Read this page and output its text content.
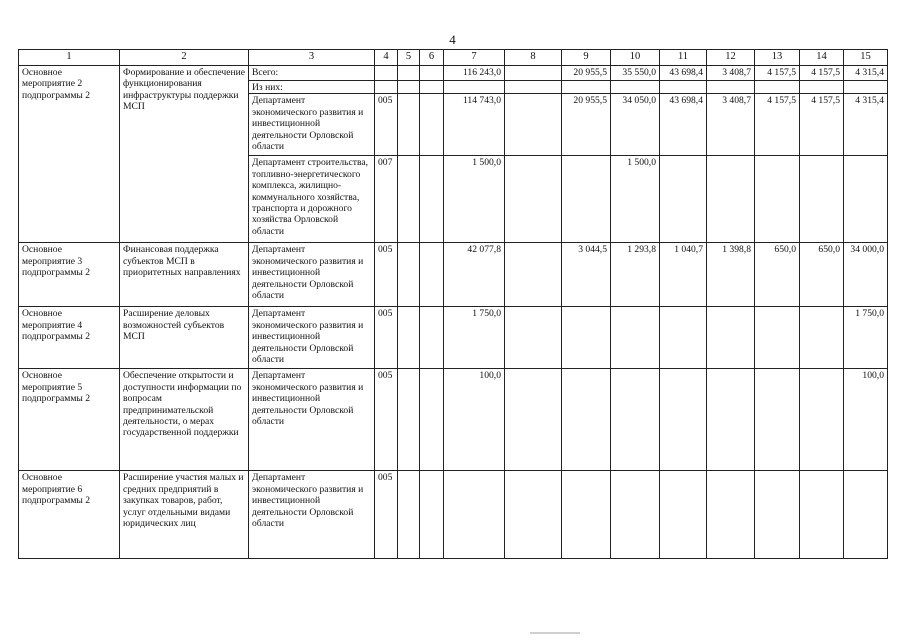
4
1	2	3	4	5	6	7	8	9	10	11	12	13	14	15
Основное мероприятие 2 подпрограммы 2	Формирование и обеспечение функционирования инфраструктуры поддержки МСП	Всего:				116 243,0		20 955,5	35 550,0	43 698,4	3 408,7	4 157,5	4 157,5	4 315,4
		Из них:												
		Департамент экономического развития и инвестиционной деятельности Орловской области	005			114 743,0		20 955,5	34 050,0	43 698,4	3 408,7	4 157,5	4 157,5	4 315,4
		Департамент строительства, топливно-энергетического комплекса, жилищно-коммунального хозяйства, транспорта и дорожного хозяйства Орловской области	007			1 500,0			1 500,0					
Основное мероприятие 3 подпрограммы 2	Финансовая поддержка субъектов МСП в приоритетных направлениях	Департамент экономического развития и инвестиционной деятельности Орловской области	005			42 077,8		3 044,5	1 293,8	1 040,7	1 398,8	650,0	650,0	34 000,0
Основное мероприятие 4 подпрограммы 2	Расширение деловых возможностей субъектов МСП	Департамент экономического развития и инвестиционной деятельности Орловской области	005			1 750,0								1 750,0
Основное мероприятие 5 подпрограммы 2	Обеспечение открытости и доступности информации по вопросам предпринимательской деятельности, о мерах государственной поддержки	Департамент экономического развития и инвестиционной деятельности Орловской области	005			100,0								100,0
Основное мероприятие 6 подпрограммы 2	Расширение участия малых и средних предприятий в закупках товаров, работ, услуг отдельными видами юридических лиц	Департамент экономического развития и инвестиционной деятельности Орловской области	005											
